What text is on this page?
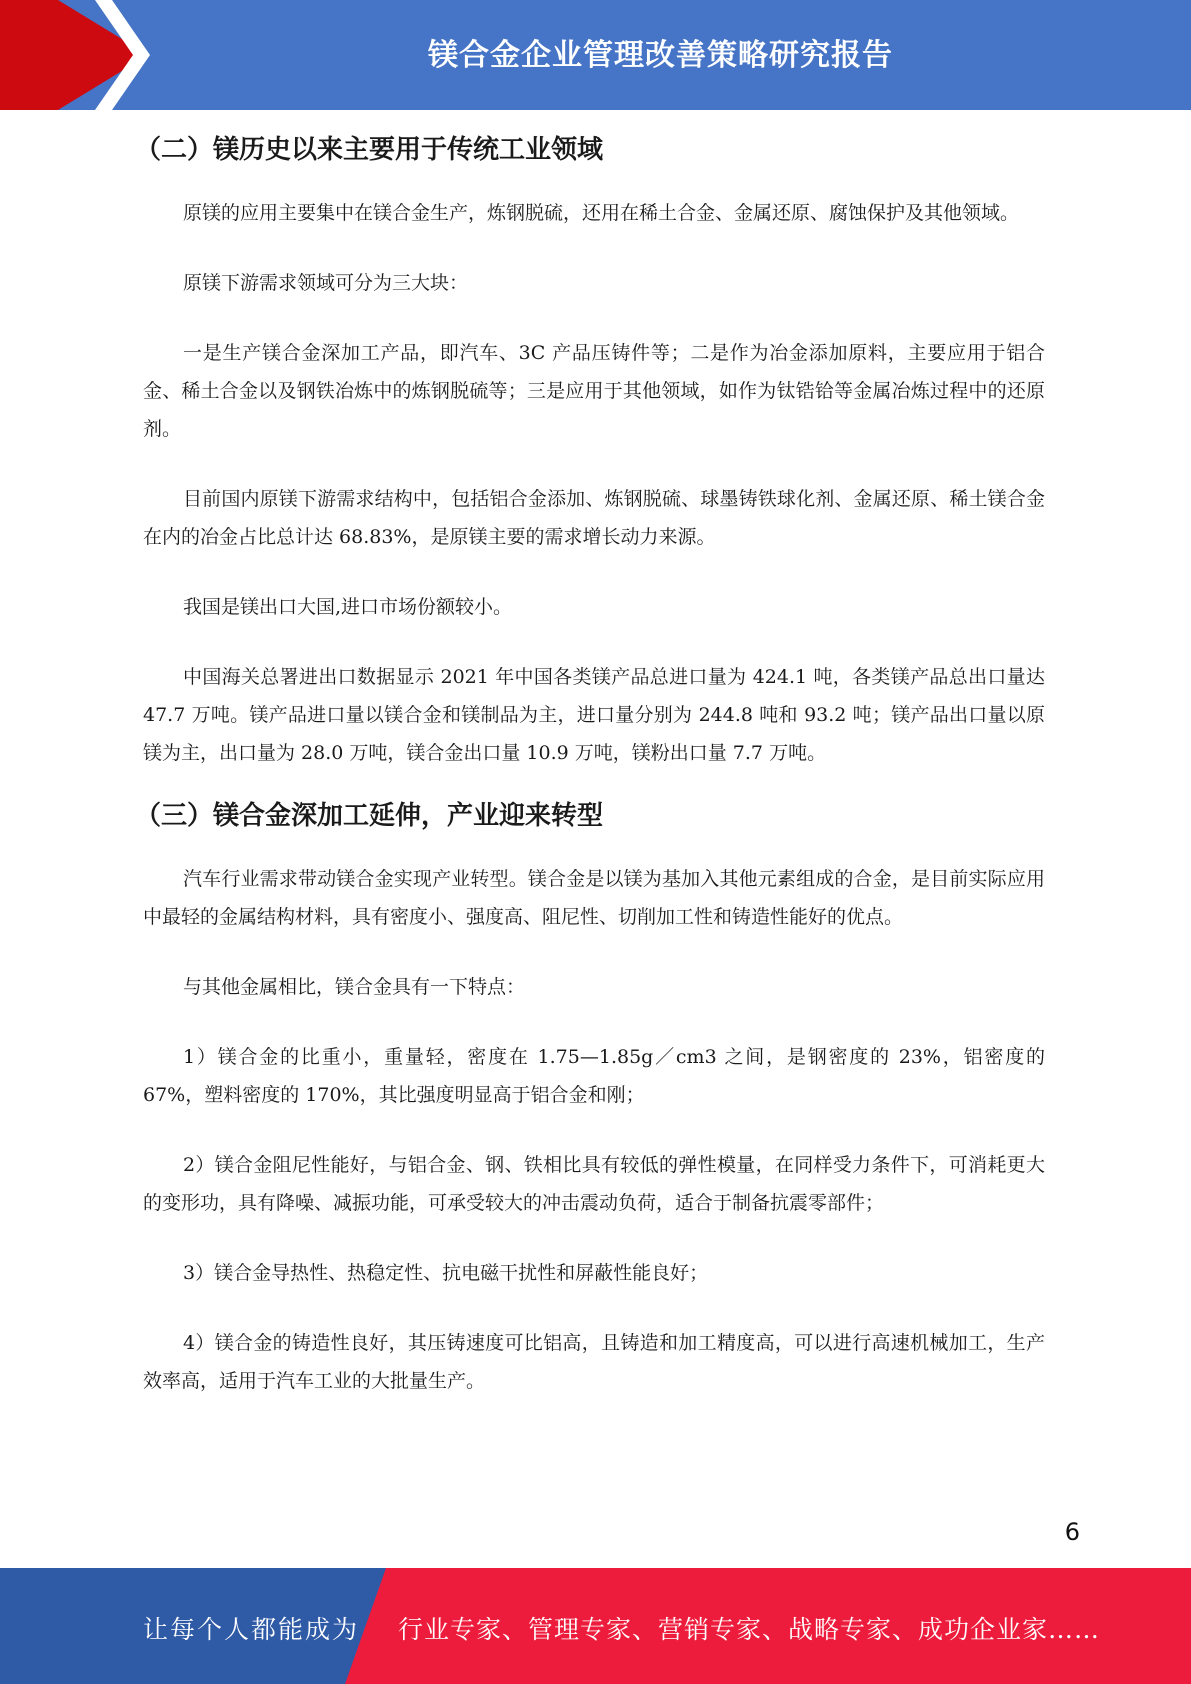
镁合金企业管理改善策略研究报告
（二）镁历史以来主要用于传统工业领域

原镁的应用主要集中在镁合金生产，炼钢脱硫，还用在稀土合金、金属还原、腐蚀保护及其他领域。

原镁下游需求领域可分为三大块：

一是生产镁合金深加工产品，即汽车、3C 产品压铸件等；二是作为冶金添加原料，主要应用于铝合金、稀土合金以及钢铁冶炼中的炼钢脱硫等；三是应用于其他领域，如作为钛锆铪等金属冶炼过程中的还原剂。

目前国内原镁下游需求结构中，包括铝合金添加、炼钢脱硫、球墨铸铁球化剂、金属还原、稀土镁合金在内的冶金占比总计达 68.83%，是原镁主要的需求增长动力来源。

我国是镁出口大国,进口市场份额较小。

中国海关总署进出口数据显示 2021 年中国各类镁产品总进口量为 424.1 吨，各类镁产品总出口量达 47.7 万吨。镁产品进口量以镁合金和镁制品为主，进口量分别为 244.8 吨和 93.2 吨；镁产品出口量以原镁为主，出口量为 28.0 万吨，镁合金出口量 10.9 万吨，镁粉出口量 7.7 万吨。

（三）镁合金深加工延伸，产业迎来转型

汽车行业需求带动镁合金实现产业转型。镁合金是以镁为基加入其他元素组成的合金，是目前实际应用中最轻的金属结构材料，具有密度小、强度高、阻尼性、切削加工性和铸造性能好的优点。

与其他金属相比，镁合金具有一下特点：

1）镁合金的比重小，重量轻，密度在 1.75—1.85g／cm3 之间，是钢密度的 23%，铝密度的 67%，塑料密度的 170%，其比强度明显高于铝合金和刚；

2）镁合金阻尼性能好，与铝合金、钢、铁相比具有较低的弹性模量，在同样受力条件下，可消耗更大的变形功，具有降噪、减振功能，可承受较大的冲击震动负荷，适合于制备抗震零部件；

3）镁合金导热性、热稳定性、抗电磁干扰性和屏蔽性能良好；

4）镁合金的铸造性良好，其压铸速度可比铝高，且铸造和加工精度高，可以进行高速机械加工，生产效率高，适用于汽车工业的大批量生产。

6
让每个人都能成为 行业专家、管理专家、营销专家、战略专家、成功企业家……
